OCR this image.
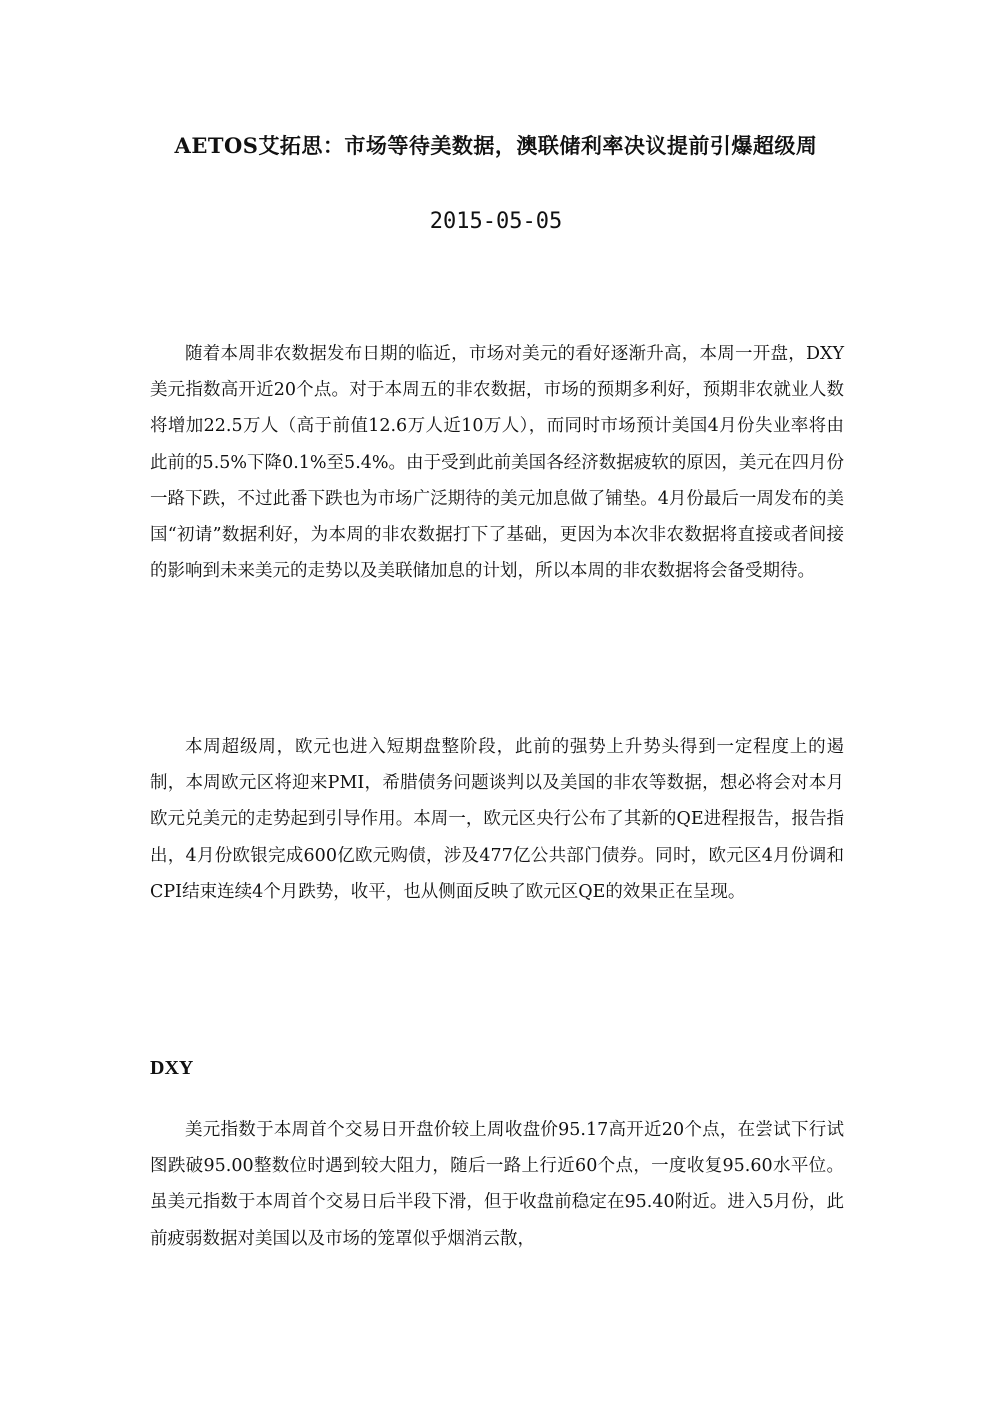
AETOS艾拓思：市场等待美数据，澳联储利率决议提前引爆超级周
2015-05-05

随着本周非农数据发布日期的临近，市场对美元的看好逐渐升高，本周一开盘，DXY美元指数高开近20个点。对于本周五的非农数据，市场的预期多利好，预期非农就业人数将增加22.5万人（高于前值12.6万人近10万人），而同时市场预计美国4月份失业率将由此前的5.5%下降0.1%至5.4%。由于受到此前美国各经济数据疲软的原因，美元在四月份一路下跌，不过此番下跌也为市场广泛期待的美元加息做了铺垫。4月份最后一周发布的美国“初请”数据利好，为本周的非农数据打下了基础，更因为本次非农数据将直接或者间接的影响到未来美元的走势以及美联储加息的计划，所以本周的非农数据将会备受期待。

本周超级周，欧元也进入短期盘整阶段，此前的强势上升势头得到一定程度上的遏制，本周欧元区将迎来PMI，希腊债务问题谈判以及美国的非农等数据，想必将会对本月欧元兑美元的走势起到引导作用。本周一，欧元区央行公布了其新的QE进程报告，报告指出，4月份欧银完成600亿欧元购债，涉及477亿公共部门债券。同时，欧元区4月份调和CPI结束连续4个月跌势，收平，也从侧面反映了欧元区QE的效果正在呈现。

DXY

美元指数于本周首个交易日开盘价较上周收盘价95.17高开近20个点，在尝试下行试图跌破95.00整数位时遇到较大阻力，随后一路上行近60个点，一度收复95.60水平位。虽美元指数于本周首个交易日后半段下滑，但于收盘前稳定在95.40附近。进入5月份，此前疲弱数据对美国以及市场的笼罩似乎烟消云散，
